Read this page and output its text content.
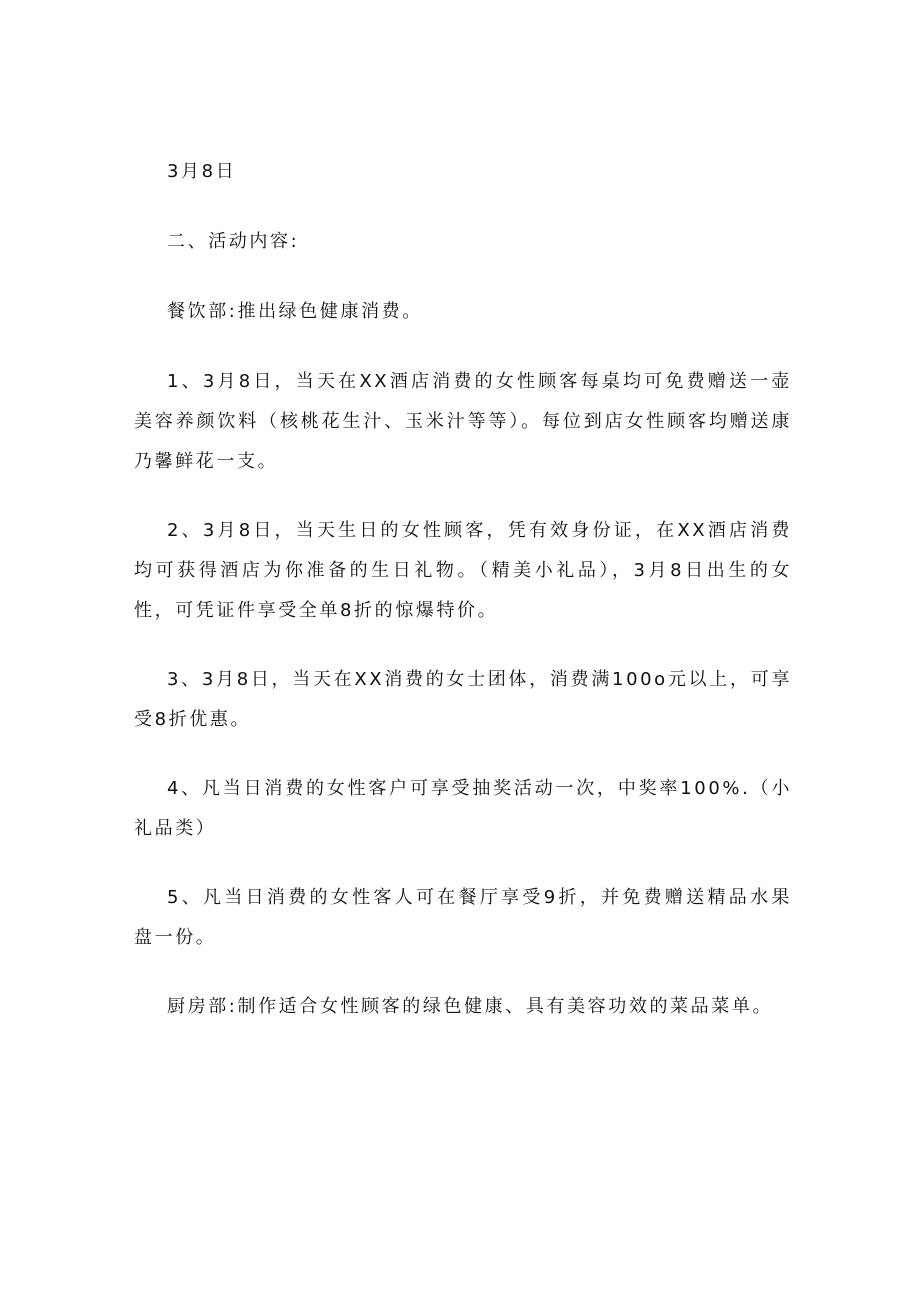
3月8日

二、活动内容:

餐饮部:推出绿色健康消费。

1、3月8日，当天在XX酒店消费的女性顾客每桌均可免费赠送一壶美容养颜饮料（核桃花生汁、玉米汁等等）。每位到店女性顾客均赠送康乃馨鲜花一支。

2、3月8日，当天生日的女性顾客，凭有效身份证，在XX酒店消费均可获得酒店为你准备的生日礼物。（精美小礼品），3月8日出生的女性，可凭证件享受全单8折的惊爆特价。

3、3月8日，当天在XX消费的女士团体，消费满100o元以上，可享受8折优惠。

4、凡当日消费的女性客户可享受抽奖活动一次，中奖率100%.（小礼品类）

5、凡当日消费的女性客人可在餐厅享受9折，并免费赠送精品水果盘一份。

厨房部:制作适合女性顾客的绿色健康、具有美容功效的菜品菜单。
